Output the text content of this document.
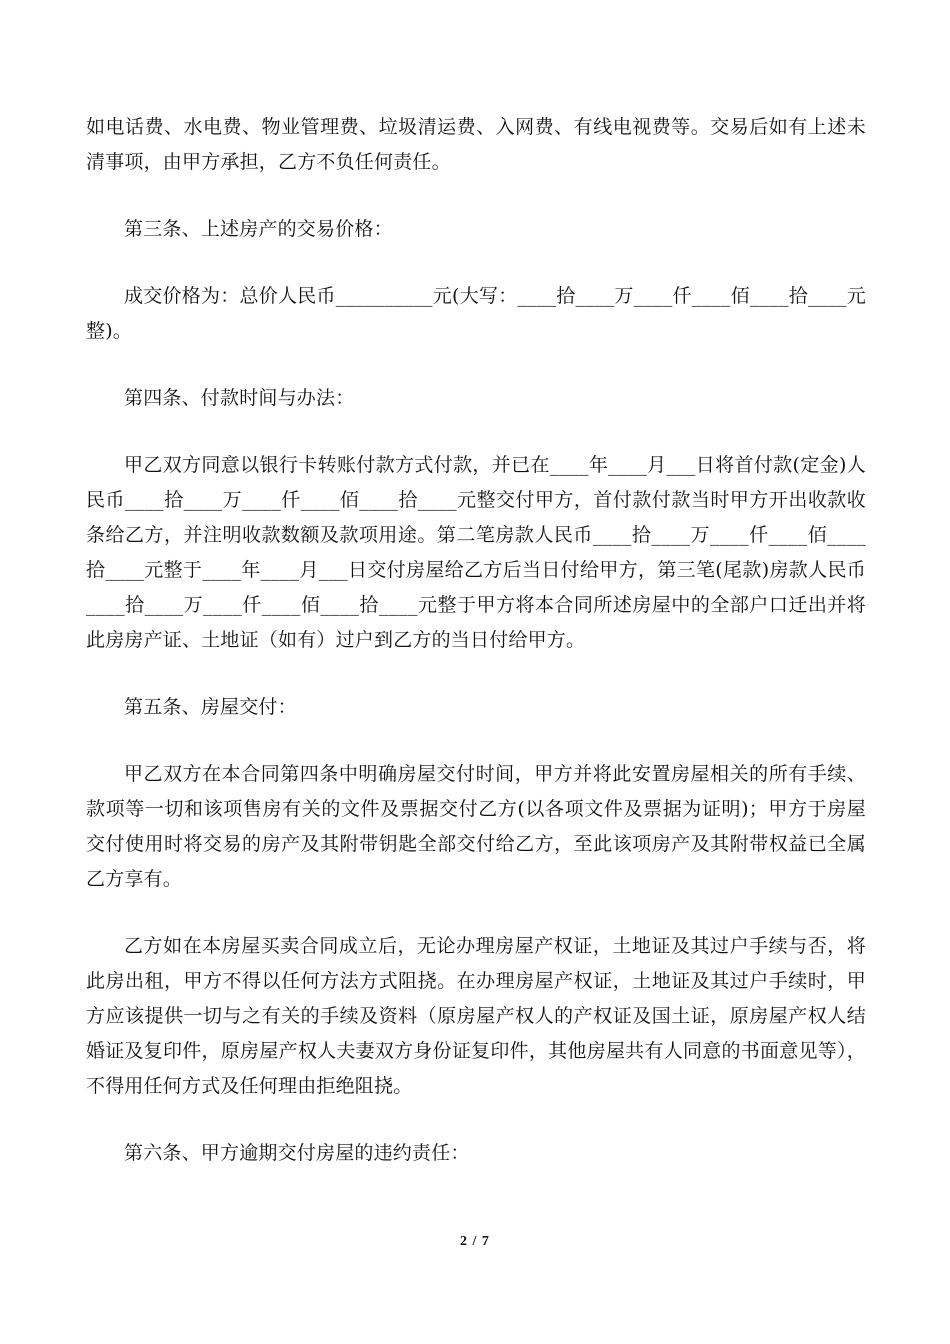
如电话费、水电费、物业管理费、垃圾清运费、入网费、有线电视费等。交易后如有上述未清事项，由甲方承担，乙方不负任何责任。

第三条、上述房产的交易价格：

成交价格为：总价人民币__________元(大写：____拾____万____仟____佰____拾____元整)。

第四条、付款时间与办法：

甲乙双方同意以银行卡转账付款方式付款，并已在____年____月___日将首付款(定金)人民币____拾____万____仟____佰____拾____元整交付甲方，首付款付款当时甲方开出收款收条给乙方，并注明收款数额及款项用途。第二笔房款人民币____拾____万____仟____佰____拾____元整于____年____月___日交付房屋给乙方后当日付给甲方，第三笔(尾款)房款人民币____拾____万____仟____佰____拾____元整于甲方将本合同所述房屋中的全部户口迁出并将此房房产证、土地证（如有）过户到乙方的当日付给甲方。

第五条、房屋交付：

甲乙双方在本合同第四条中明确房屋交付时间，甲方并将此安置房屋相关的所有手续、款项等一切和该项售房有关的文件及票据交付乙方(以各项文件及票据为证明)；甲方于房屋交付使用时将交易的房产及其附带钥匙全部交付给乙方，至此该项房产及其附带权益已全属乙方享有。

乙方如在本房屋买卖合同成立后，无论办理房屋产权证，土地证及其过户手续与否，将此房出租，甲方不得以任何方法方式阻挠。在办理房屋产权证，土地证及其过户手续时，甲方应该提供一切与之有关的手续及资料（原房屋产权人的产权证及国土证，原房屋产权人结婚证及复印件，原房屋产权人夫妻双方身份证复印件，其他房屋共有人同意的书面意见等），不得用任何方式及任何理由拒绝阻挠。

第六条、甲方逾期交付房屋的违约责任：

2 / 7
